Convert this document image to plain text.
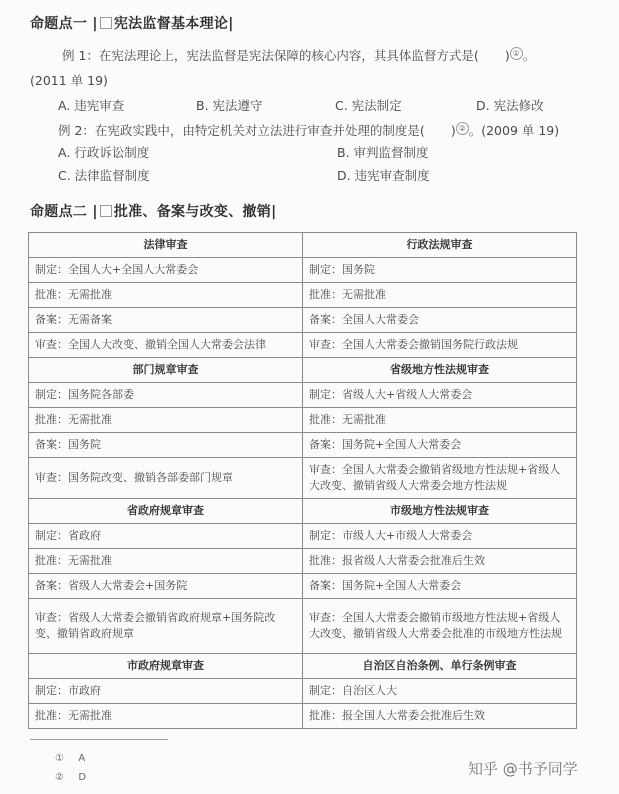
命题点一 | 宪法监督基本理论|
例 1：在宪法理论上，宪法监督是宪法保障的核心内容，其具体监督方式是( ) ① 。
(2011 单 19)
A. 违宪审查	B. 宪法遵守	C. 宪法制定	D. 宪法修改
例 2：在宪政实践中，由特定机关对立法进行审查并处理的制度是( ) ② 。(2009 单 19)
A. 行政诉讼制度	B. 审判监督制度
C. 法律监督制度	D. 违宪审查制度
命题点二 | 批准、备案与改变、撤销|
法律审查	行政法规审查
制定：全国人大+全国人大常委会	制定：国务院
批准：无需批准	批准：无需批准
备案：无需备案	备案：全国人大常委会
审查：全国人大改变、撤销全国人大常委会法律	审查：全国人大常委会撤销国务院行政法规
部门规章审查	省级地方性法规审查
制定：国务院各部委	制定：省级人大+省级人大常委会
批准：无需批准	批准：无需批准
备案：国务院	备案：国务院+全国人大常委会
审查：国务院改变、撤销各部委部门规章	审查：全国人大常委会撤销省级地方性法规+省级人大改变、撤销省级人大常委会地方性法规
省政府规章审查	市级地方性法规审查
制定：省政府	制定：市级人大+市级人大常委会
批准：无需批准	批准：报省级人大常委会批准后生效
备案：省级人大常委会+国务院	备案：国务院+全国人大常委会
审查：省级人大常委会撤销省政府规章+国务院改变、撤销省政府规章	审查：全国人大常委会撤销市级地方性法规+省级人大改变、撤销省级人大常委会批准的市级地方性法规
市政府规章审查	自治区自治条例、单行条例审查
制定：市政府	制定：自治区人大
批准：无需批准	批准：报全国人大常委会批准后生效
① A
② D	知乎 @书予同学
